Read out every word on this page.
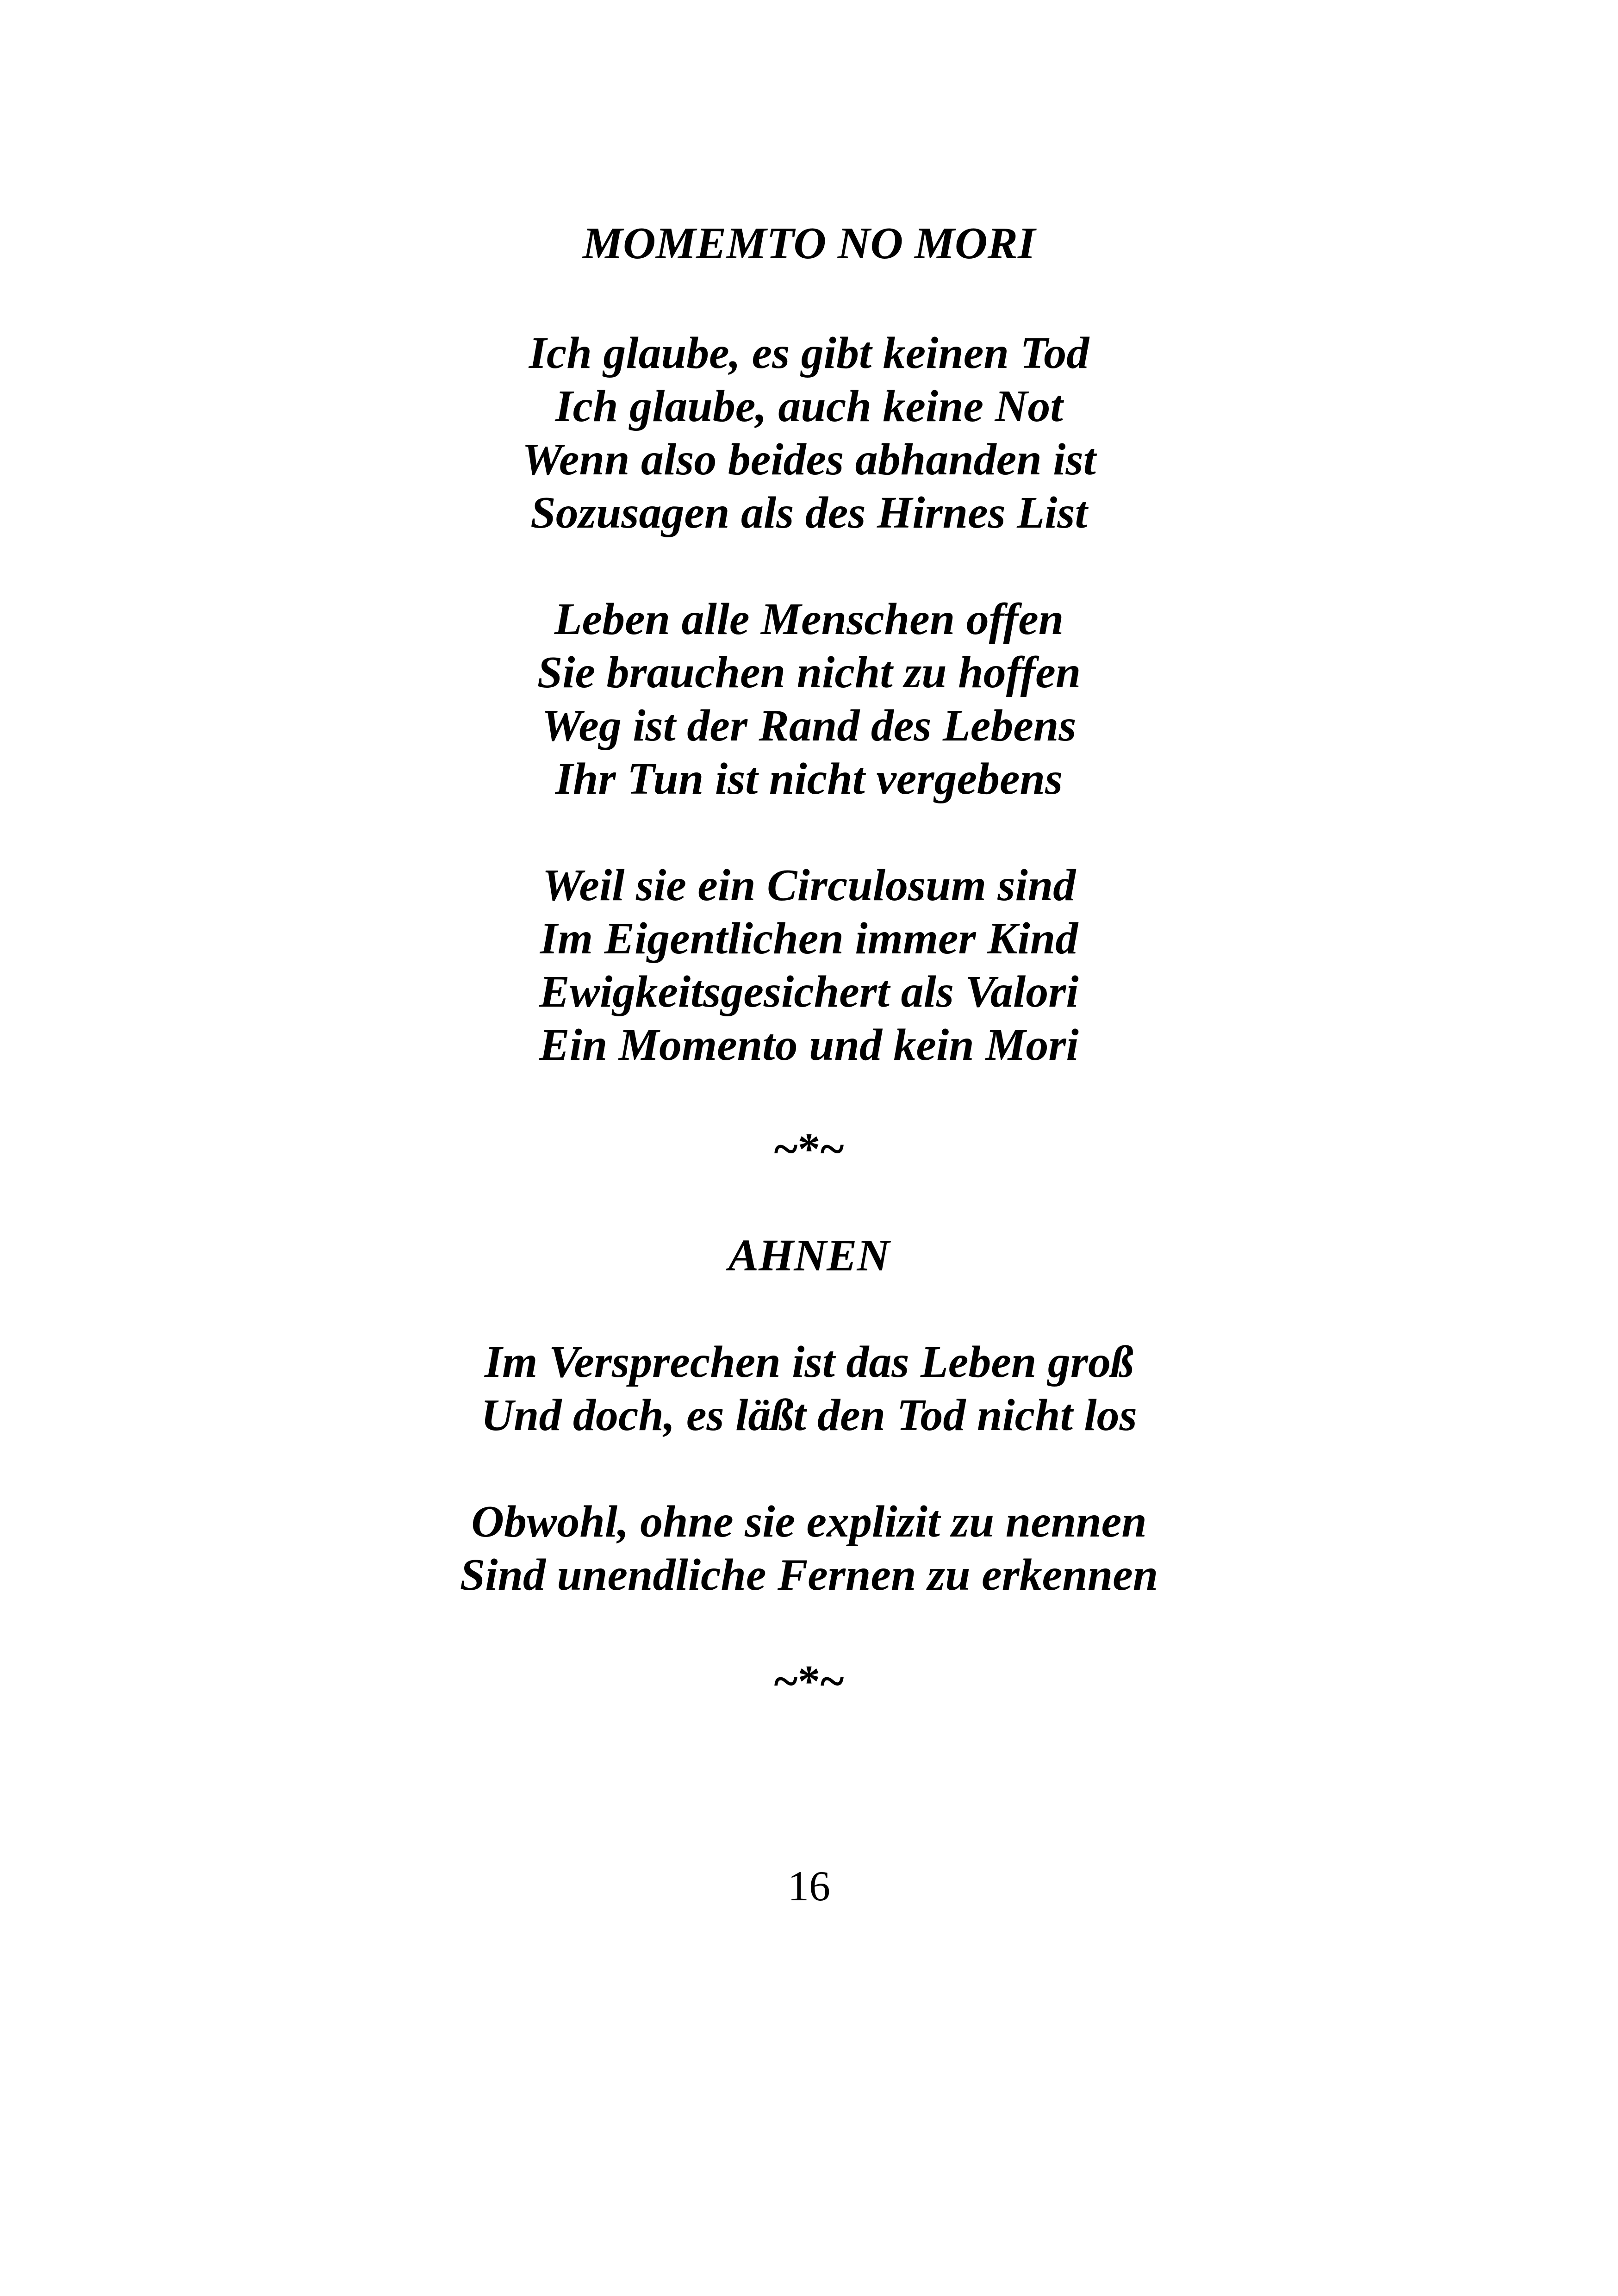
MOMEMTO NO MORI
Ich glaube, es gibt keinen Tod
Ich glaube, auch keine Not
Wenn also beides abhanden ist
Sozusagen als des Hirnes List
Leben alle Menschen offen
Sie brauchen nicht zu hoffen
Weg ist der Rand des Lebens
Ihr Tun ist nicht vergebens
Weil sie ein Circulosum sind
Im Eigentlichen immer Kind
Ewigkeitsgesichert als Valori
Ein Momento und kein Mori
~*~
AHNEN
Im Versprechen ist das Leben groß
Und doch, es läßt den Tod nicht los
Obwohl, ohne sie explizit zu nennen
Sind unendliche Fernen zu erkennen
~*~
16
